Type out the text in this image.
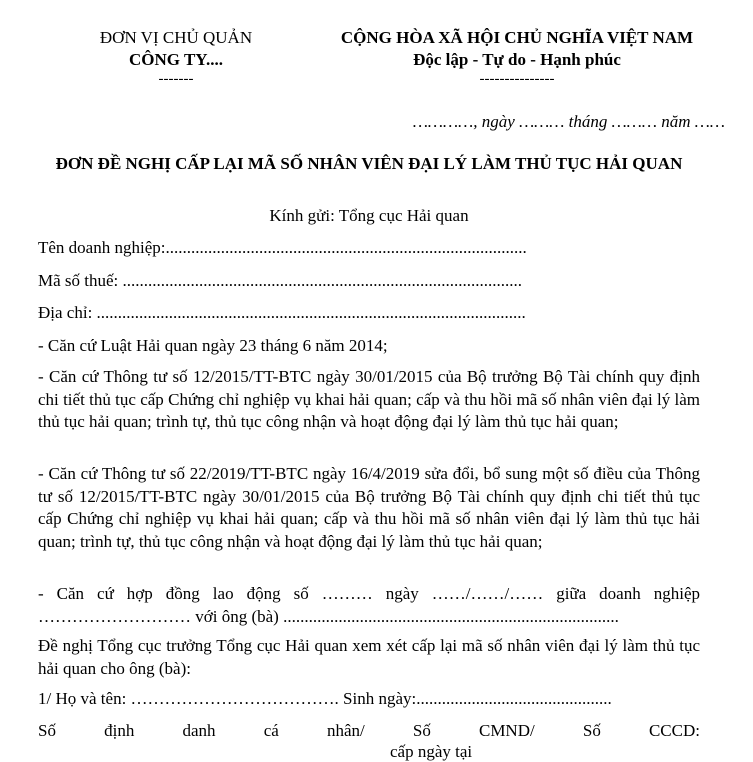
ĐƠN VỊ CHỦ QUẢN
CÔNG TY....
-------
CỘNG HÒA XÃ HỘI CHỦ NGHĨA VIỆT NAM
Độc lập - Tự do - Hạnh phúc
---------------
…………, ngày ……… tháng ……… năm ……
ĐƠN ĐỀ NGHỊ CẤP LẠI MÃ SỐ NHÂN VIÊN ĐẠI LÝ LÀM THỦ TỤC HẢI QUAN
Kính gửi: Tổng cục Hải quan
Tên doanh nghiệp:.....................................................................................
Mã số thuế: ..............................................................................................
Địa chỉ: .....................................................................................................
- Căn cứ Luật Hải quan ngày 23 tháng 6 năm 2014;
- Căn cứ Thông tư số 12/2015/TT-BTC ngày 30/01/2015 của Bộ trưởng Bộ Tài chính quy định chi tiết thủ tục cấp Chứng chỉ nghiệp vụ khai hải quan; cấp và thu hồi mã số nhân viên đại lý làm thủ tục hải quan; trình tự, thủ tục công nhận và hoạt động đại lý làm thủ tục hải quan;
- Căn cứ Thông tư số 22/2019/TT-BTC ngày 16/4/2019 sửa đổi, bổ sung một số điều của Thông tư số 12/2015/TT-BTC ngày 30/01/2015 của Bộ trưởng Bộ Tài chính quy định chi tiết thủ tục cấp Chứng chỉ nghiệp vụ khai hải quan; cấp và thu hồi mã số nhân viên đại lý làm thủ tục hải quan; trình tự, thủ tục công nhận và hoạt động đại lý làm thủ tục hải quan;
- Căn cứ hợp đồng lao động số ……… ngày ……/……/…… giữa doanh nghiệp ……………………… với ông (bà) ...............................................................................
Đề nghị Tổng cục trưởng Tổng cục Hải quan xem xét cấp lại mã số nhân viên đại lý làm thủ tục hải quan cho ông (bà):
1/ Họ và tên: ………………………………. Sinh ngày:..............................................
Số định danh cá nhân/ Số CMND/ Số CCCD:
cấp ngày tại
